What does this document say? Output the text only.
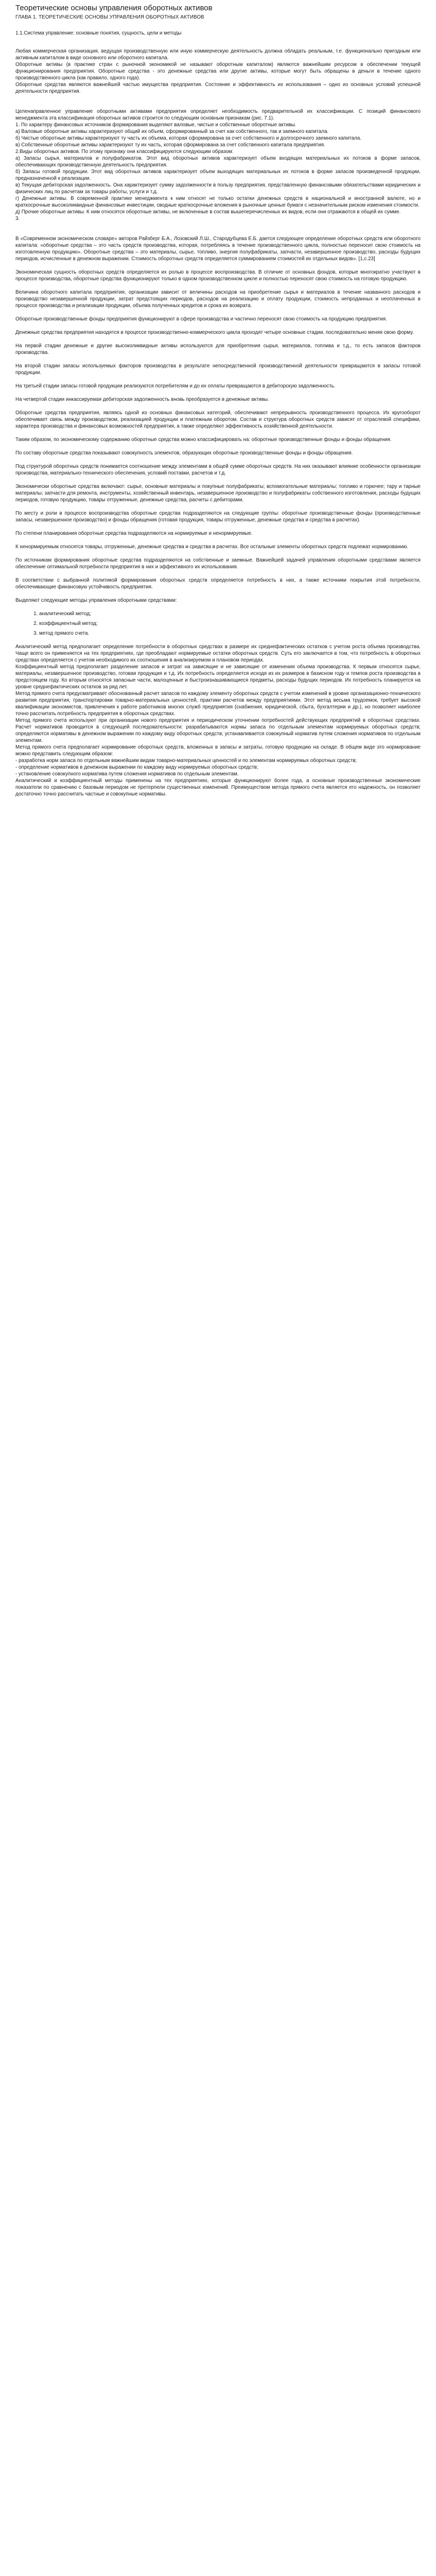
Теоретические основы управления оборотных активов
ГЛАВА 1. ТЕОРЕТИЧЕСКИЕ ОСНОВЫ УПРАВЛЕНИЯ ОБОРОТНЫХ АКТИВОВ
1.1.Система управление: основные понятия, сущность, цели и методы

Любая коммерческая организация, ведущая производственную или иную коммерческую деятельность должна обладать реальным, т.е. функционально пригодным или активным капиталом в виде основного или оборотного капитала.

Оборотные активы (в практике стран с рыночной экономикой не называют оборотным капиталом) являются важнейшим ресурсом в обеспечении текущей функционирования предприятия. Оборотные средства - это денежные средства или другие активы, которые могут быть обращены в деньги в течение одного производственного цикла (как правило, одного года).

Оборотные средства являются важнейшей частью имущества предприятия. Состояние и эффективность их использования – одно из основных условий успешной деятельности предприятия.

Целенаправленное управление оборотными активами предприятия определяет необходимость предварительной их классификации. С позиций финансового менеджмента эта классификация оборотных активов строится по следующим основным признакам (рис. 7.1).

1. По характеру финансовых источников формирования выделяют валовые, чистые и собственные оборотные активы.

а) Валовые оборотные активы характеризуют общий их объем, сформированный за счет как собственного, так и заемного капитала.

б) Чистые оборотные активы характеризуют ту часть их объема, которая сформирована за счет собственного и долгосрочного заемного капитала.

в) Собственные оборотные активы характеризуют ту их часть, которая сформирована за счет собственного капитала предприятия.

2.Виды оборотных активов. По этому признаку они классифицируются следующим образом:

а) Запасы сырья, материалов и полуфабрикатов. Этот вид оборотных активов характеризует объем входящих материальных их потоков в форме запасов, обеспечивающих производственную деятельность предприятия.

б) Запасы готовой продукции. Этот вид оборотных активов характеризует объем выходящих материальных их потоков в форме запасов произведенной продукции, предназначенной к реализации.

в) Текущая дебиторская задолженность. Она характеризует сумму задолженности в пользу предприятия, представленную финансовыми обязательствами юридических и физических лиц по расчетам за товары работы, услуги и т.д.

г) Денежные активы. В современной практике менеджмента к ним относят не только остатки денежных средств в национальной и иностранной валюте, но и краткосрочные высоколиквидные финансовые инвестиции, сводные краткосрочные вложения в рыночные ценные бумаги с незначительным риском изменения стоимости.

д) Прочие оборотные активы. К ним относятся оборотные активы, не включенные в состав вышеперечисленных их видов, если они отражаются в общей их сумме.

3.

В «Современном экономическом словаре» авторов Райзберг Б.А., Лозовский Л.Ш., Стародубцева Е.Б. дается следующее определение оборотных средств или оборотного капитала: «оборотные средства – это часть средств производства, которая, потребляясь в течение производственного цикла, полностью переносит свою стоимость на изготовленную продукцию». Оборотные средства – это материалы, сырье, топливо, энергия полуфабрикаты, запчасти, незавершенное производство, расходы будущих периодов, исчисленные в денежном выражении. Стоимость оборотных средств определяется суммированием стоимостей их отдельных видов». [1,с.23]

Экономическая сущность оборотных средств определяется их ролью в процессе воспроизводства. В отличие от основных фондов, которые многократно участвуют в процессе производства, оборотные средства функционируют только в одном производственном цикле и полностью переносят свою стоимость на готовую продукцию.

Величина оборотного капитала предприятия, организации зависит от величины расходов на приобретение сырья и материалов в течение названного расходов и производство незавершенной продукции, затрат предстоящих периодов, расходов на реализацию и оплату продукции, стоимость непроданных и неоплаченных в процессе производства и реализации продукции, объема полученных кредитов и срока их возврата.

Оборотные производственные фонды предприятия функционируют в сфере производства и частично переносят свою стоимость на продукцию предприятия.

Денежные средства предприятия находятся в процессе производственно-коммерческого цикла проходят четыре основные стадии, последовательно меняя свою форму.

На первой стадии денежные и другие высоколиквидные активы используются для приобретения сырья, материалов, топлива и т.д., то есть запасов факторов производства.

На второй стадии запасы используемых факторов производства в результате непосредственной производственной деятельности превращаются в запасы готовой продукции.

На третьей стадии запасы готовой продукции реализуются потребителям и до их оплаты превращаются в дебиторскую задолженность.

На четвертой стадии инкассируемая дебиторская задолженность вновь преобразуется в денежные активы.

Оборотные средства предприятия, являясь одной из основных финансовых категорий, обеспечивают непрерывность производственного процесса. Их кругооборот обеспечивает связь между производством, реализацией продукции и платежным оборотом. Состав и структура оборотных средств зависят от отраслевой специфики, характера производства и финансовых возможностей предприятия, а также определяют эффективность хозяйственной деятельности.

Таким образом, по экономическому содержанию оборотные средства можно классифицировать на: оборотные производственные фонды и фонды обращения.

По составу оборотные средства показывают совокупность элементов, образующих оборотные производственные фонды и фонды обращения.

Под структурой оборотных средств понимается соотношение между элементами в общей сумме оборотных средств. На них оказывают влияние особенности организации производства, материально-технического обеспечения, условий поставки, расчетов и т.д.

Экономически оборотные средства включают: сырье, основные материалы и покупные полуфабрикаты; вспомогательные материалы; топливо и горючее; тару и тарные материалы; запчасти для ремонта, инструменты, хозяйственный инвентарь, незавершенное производство и полуфабрикаты собственного изготовления, расходы будущих периодов, готовую продукцию, товары отгруженные, денежные средства, расчеты с дебиторами.

По месту и роли в процессе воспроизводства оборотные средства подразделяются на следующие группы: оборотные производственные фонды (производственные запасы, незавершенное производство) и фонды обращения (готовая продукция, товары отгруженные, денежные средства и средства в расчетах).

По степени планирования оборотные средства подразделяются на нормируемые и ненормируемые.

К ненормируемым относятся товары, отгруженные, денежные средства и средства в расчетах. Все остальные элементы оборотных средств подлежат нормированию.

По источникам формирования оборотные средства подразделяются на собственные и заемные. Важнейшей задачей управления оборотными средствами является обеспечение оптимальной потребности предприятия в них и эффективного их использования.

В соответствии с выбранной политикой формирования оборотных средств определяется потребность в них, а также источники покрытия этой потребности, обеспечивающие финансовую устойчивость предприятия.

Выделяют следующие методы управления оборотными средствами:

1. аналитический метод;
2. коэффициентный метод;
3. метод прямого счета.

Аналитический метод предполагает определение потребности в оборотных средствах в размере их среднефактических остатков с учетом роста объема производства. Чаще всего он применяется на тех предприятиях, где преобладают нормируемые остатки оборотных средств. Суть его заключается в том, что потребность в оборотных средствах определяется с учетом необходимого их соотношения в анализируемом и плановом периодах.

Коэффициентный метод предполагает разделение запасов и затрат на зависящие и не зависящие от изменения объема производства. К первым относятся сырье, материалы, незавершенное производство, готовая продукция и т.д. Их потребность определяется исходя из их размеров в базисном году и темпов роста производства в предстоящем году. Ко вторым относятся запасные части, малоценные и быстроизнашивающиеся предметы, расходы будущих периодов. Их потребность планируется на уровне среднефактических остатков за ряд лет.

Метод прямого счета предусматривает обоснованный расчет запасов по каждому элементу оборотных средств с учетом изменений в уровне организационно-технического развития предприятия, транспортировки товарно-материальных ценностей, практики расчетов между предприятиями. Этот метод весьма трудоемок, требует высокой квалификации экономистов, привлечения к работе работников многих служб предприятия (снабжения, юридической, сбыта, бухгалтерии и др.), но позволяет наиболее точно рассчитать потребность предприятия в оборотных средствах.

Метод прямого счета используют при организации нового предприятия и периодическом уточнении потребностей действующих предприятий в оборотных средствах. Расчет нормативов проводится в следующей последовательности: разрабатываются нормы запаса по отдельным элементам нормируемых оборотных средств; определяются нормативы в денежном выражении по каждому виду оборотных средств; устанавливается совокупный норматив путем сложения нормативов по отдельным элементам.

Метод прямого счета предполагает нормирование оборотных средств, вложенных в запасы и затраты, готовую продукцию на складе. В общем виде это нормирование можно представить следующим образом:

- разработка норм запаса по отдельным важнейшим видам товарно-материальных ценностей и по элементам нормируемых оборотных средств;

- определение нормативов в денежном выражении по каждому виду нормируемых оборотных средств;

- установление совокупного норматива путем сложения нормативов по отдельным элементам.

Аналитический и коэффициентный методы применены на тех предприятиях, которые функционируют более года, а основные производственные экономические показатели по сравнению с базовым периодом не претерпели существенных изменений. Преимуществом метода прямого счета является его надежность, он позволяет достаточно точно рассчитать частные и совокупные нормативы.
